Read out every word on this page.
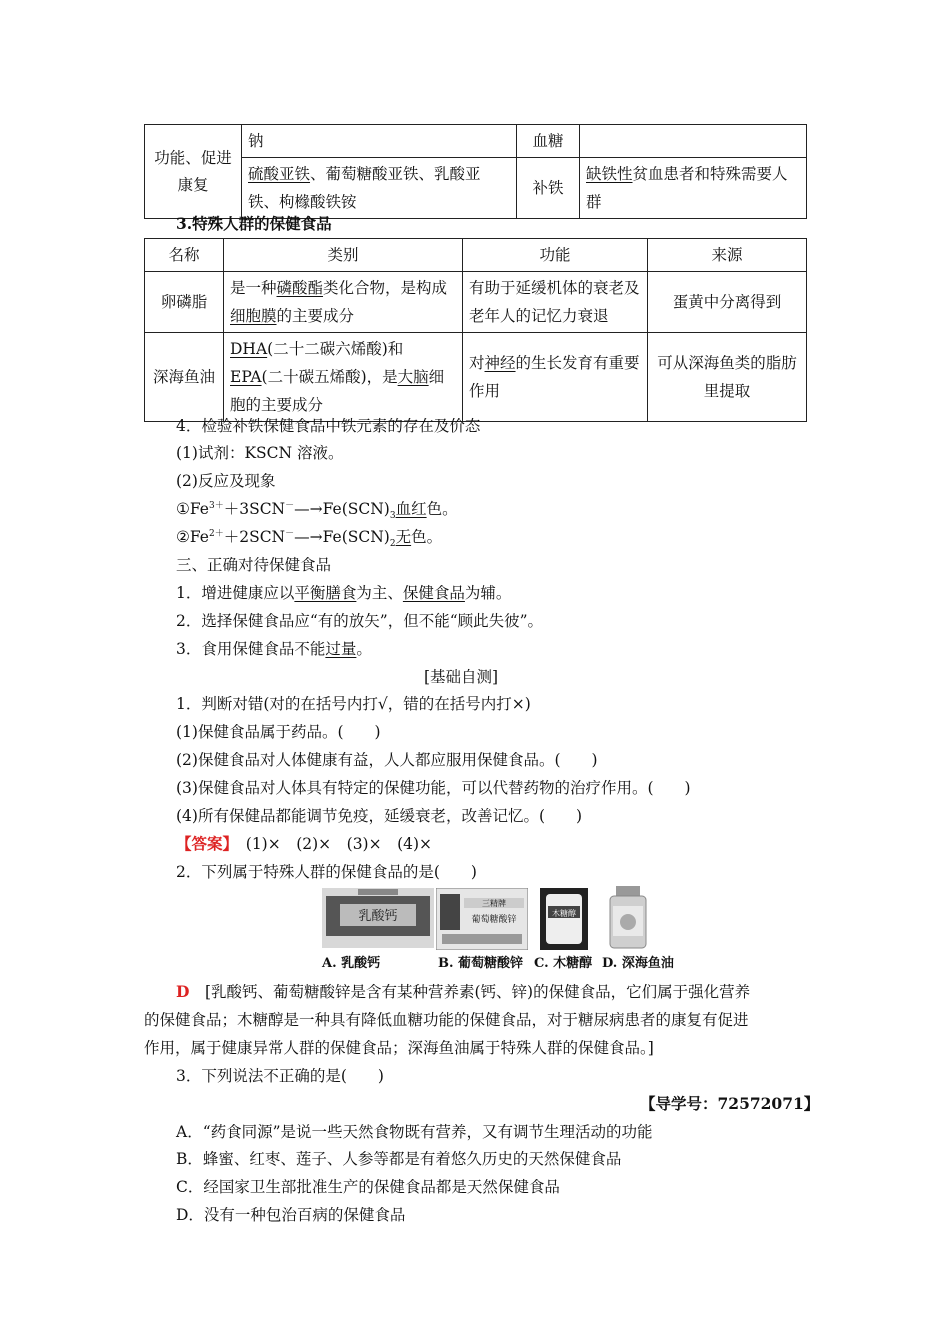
功能、促进康复	钠	血糖	
	硫酸亚铁、葡萄糖酸亚铁、乳酸亚铁、枸橼酸铁铵	补铁	缺铁性贫血患者和特殊需要人群
3.特殊人群的保健食品
名称	类别	功能	来源
卵磷脂	是一种磷酸酯类化合物，是构成细胞膜的主要成分	有助于延缓机体的衰老及老年人的记忆力衰退	蛋黄中分离得到
深海鱼油	DHA(二十二碳六烯酸)和EPA(二十碳五烯酸)，是大脑细胞的主要成分	对神经的生长发育有重要作用	可从深海鱼类的脂肪里提取
4．检验补铁保健食品中铁元素的存在及价态
(1)试剂：KSCN 溶液。
(2)反应及现象
$①Fe^{3+}+3SCN^-—\to Fe(SCN)_3$血红色。
$②Fe^{2+}+2SCN^-—\to Fe(SCN)_2$无色。
三、正确对待保健食品
1．增进健康应以平衡膳食为主、保健食品为辅。
2．选择保健食品应“有的放矢”，但不能“顾此失彼”。
3．食用保健食品不能过量。
[基础自测]
1．判断对错(对的在括号内打√，错的在括号内打×)
(1)保健食品属于药品。(　　)
(2)保健食品对人体健康有益，人人都应服用保健食品。(　　)
(3)保健食品对人体具有特定的保健功能，可以代替药物的治疗作用。(　　)
(4)所有保健品都能调节免疫，延缓衰老，改善记忆。(　　)
【答案】　(1)×　(2)×　(3)×　(4)×
2．下列属于特殊人群的保健食品的是(　　)
乳酸钙
三精牌
葡萄糖酸锌
木糖醇
A. 乳酸钙	B. 葡萄糖酸锌 C. 木糖醇 D. 深海鱼油
D　[乳酸钙、葡萄糖酸锌是含有某种营养素(钙、锌)的保健食品，它们属于强化营养
的保健食品；木糖醇是一种具有降低血糖功能的保健食品，对于糖尿病患者的康复有促进
作用，属于健康异常人群的保健食品；深海鱼油属于特殊人群的保健食品。]
3．下列说法不正确的是(　　)
【导学号：72572071】
A．“药食同源”是说一些天然食物既有营养，又有调节生理活动的功能
B．蜂蜜、红枣、莲子、人参等都是有着悠久历史的天然保健食品
C．经国家卫生部批准生产的保健食品都是天然保健食品
D．没有一种包治百病的保健食品
